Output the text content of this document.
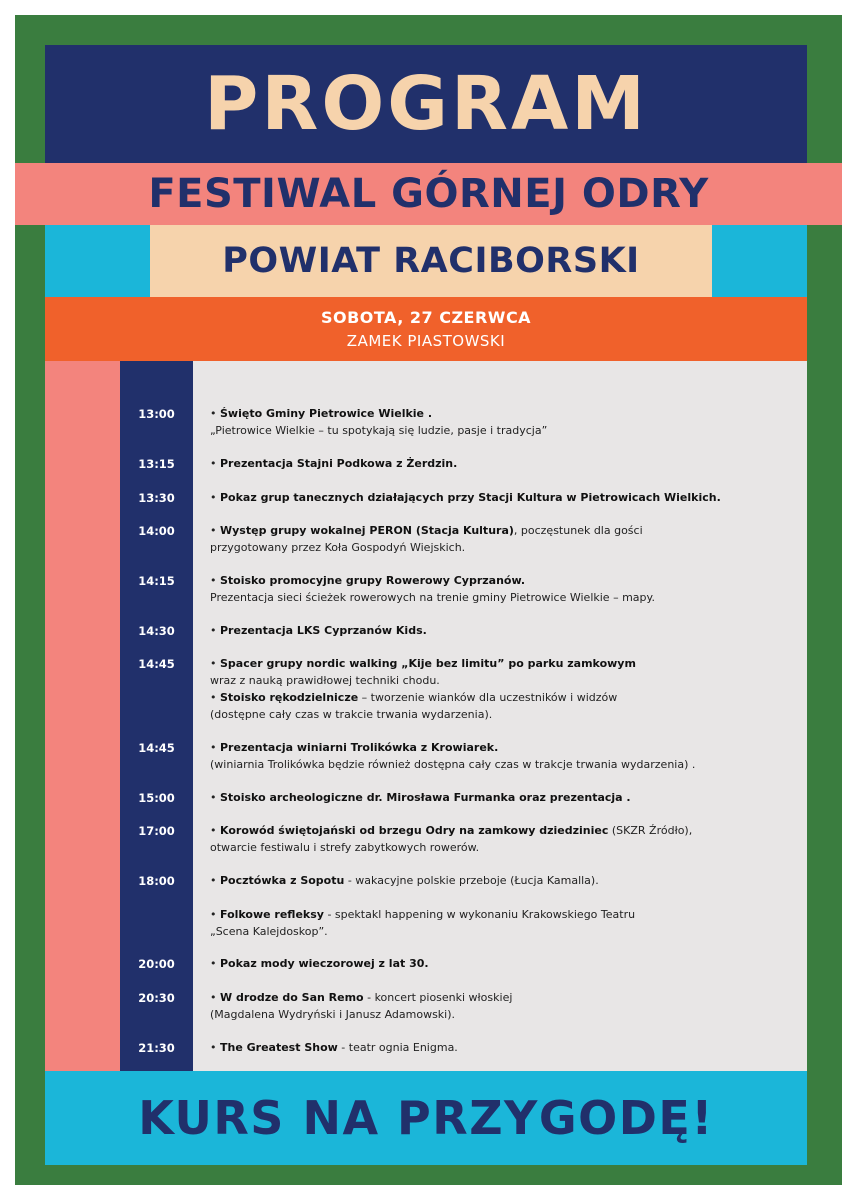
PROGRAM
FESTIWAL GÓRNEJ ODRY
POWIAT RACIBORSKI
SOBOTA, 27 CZERWCA
ZAMEK PIASTOWSKI
13:00	• Święto Gminy Pietrowice Wielkie .
„Pietrowice Wielkie – tu spotykają się ludzie, pasje i tradycja”
13:15	• Prezentacja Stajni Podkowa z Żerdzin.
13:30	• Pokaz grup tanecznych działających przy Stacji Kultura w Pietrowicach Wielkich.
14:00	• Występ grupy wokalnej PERON (Stacja Kultura), poczęstunek dla gości
przygotowany przez Koła Gospodyń Wiejskich.
14:15	• Stoisko promocyjne grupy Rowerowy Cyprzanów.
Prezentacja sieci ścieżek rowerowych na trenie gminy Pietrowice Wielkie – mapy.
14:30	• Prezentacja LKS Cyprzanów Kids.
14:45	• Spacer grupy nordic walking „Kije bez limitu” po parku zamkowym
wraz z nauką prawidłowej techniki chodu.
• Stoisko rękodzielnicze – tworzenie wianków dla uczestników i widzów
(dostępne cały czas w trakcie trwania wydarzenia).
14:45	• Prezentacja winiarni Trolikówka z Krowiarek.
(winiarnia Trolikówka będzie również dostępna cały czas w trakcje trwania wydarzenia) .
15:00	• Stoisko archeologiczne dr. Mirosława Furmanka oraz prezentacja .
17:00	• Korowód świętojański od brzegu Odry na zamkowy dziedziniec (SKZR Źródło),
otwarcie festiwalu i strefy zabytkowych rowerów.
18:00	• Pocztówka z Sopotu - wakacyjne polskie przeboje (Łucja Kamalla).
• Folkowe refleksy - spektakl happening w wykonaniu Krakowskiego Teatru
„Scena Kalejdoskop”.
20:00	• Pokaz mody wieczorowej z lat 30.
20:30	• W drodze do San Remo - koncert piosenki włoskiej
(Magdalena Wydryński i Janusz Adamowski).
21:30	• The Greatest Show - teatr ognia Enigma.
KURS NA PRZYGODĘ!
